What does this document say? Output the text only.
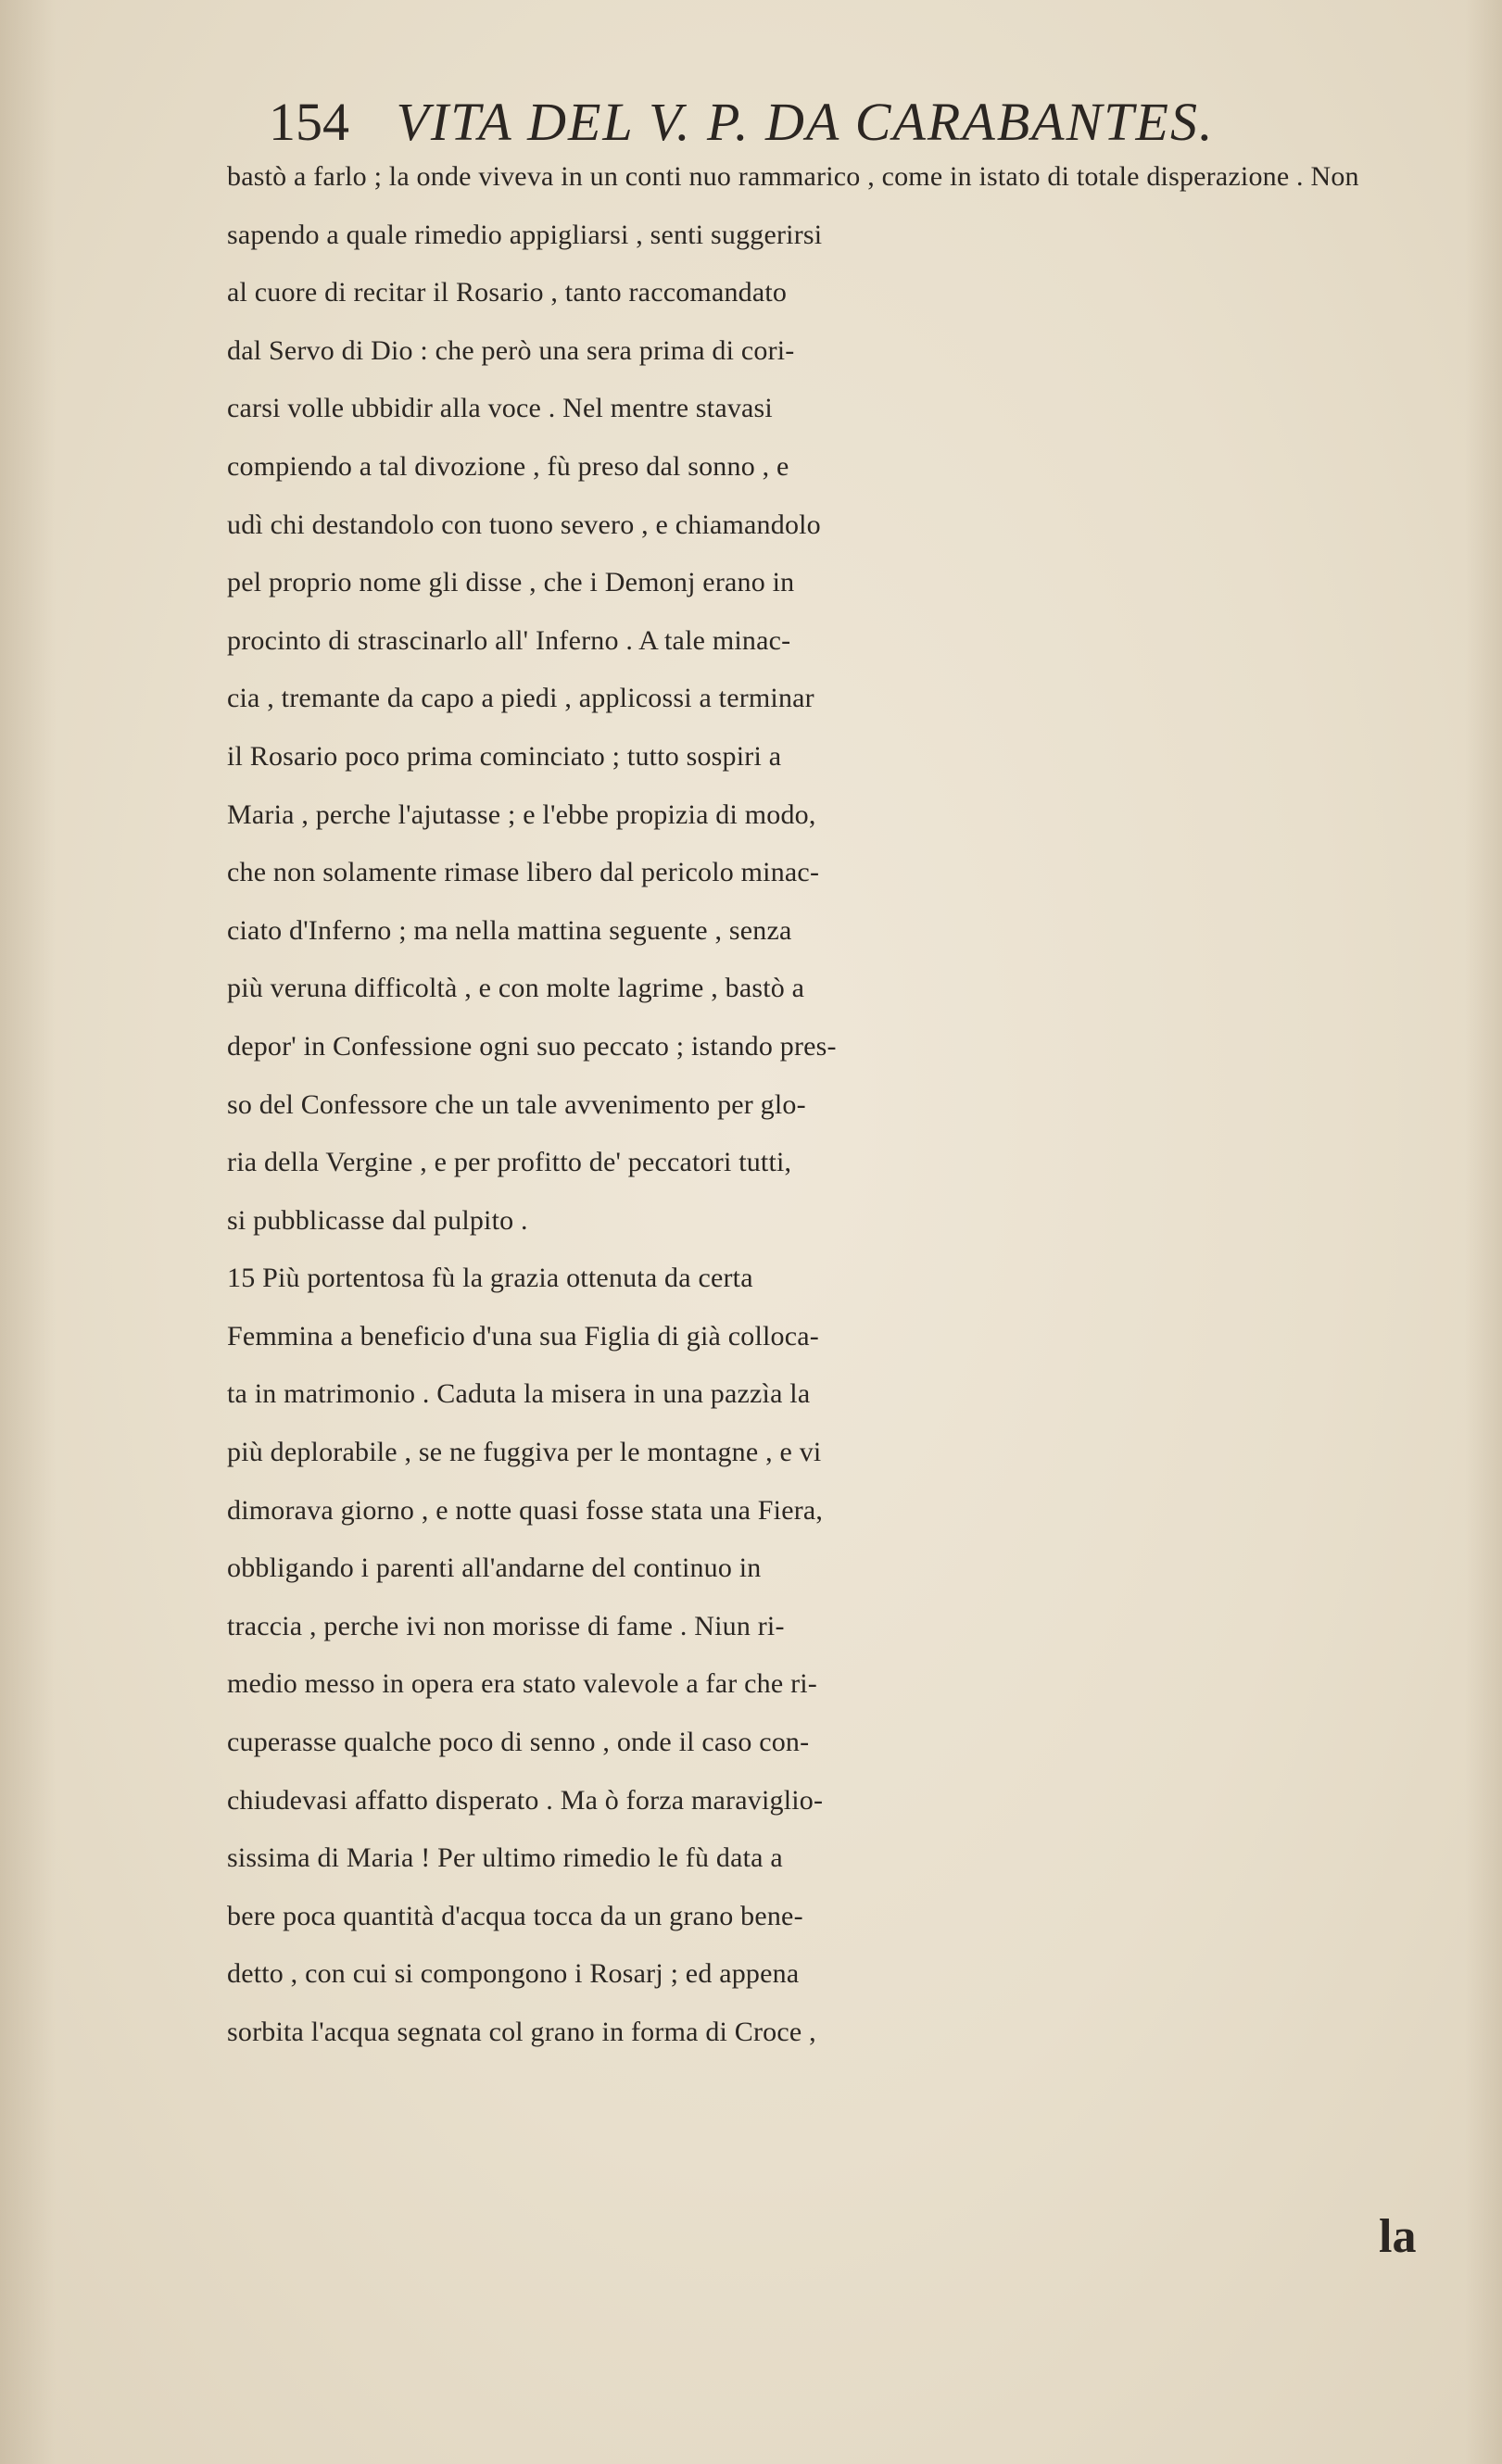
154 VITA DEL V. P. DA CARABANTES.
bastò a farlo ; la onde viveva in un conti nuo rammarico , come in istato di totale disperazione . Non
sapendo a quale rimedio appigliarsi , senti suggerirsi
al cuore di recitar il Rosario , tanto raccomandato
dal Servo di Dio : che però una sera prima di cori-
carsi volle ubbidir alla voce . Nel mentre stavasi
compiendo a tal divozione , fù preso dal sonno , e
udì chi destandolo con tuono severo , e chiamandolo
pel proprio nome gli disse , che i Demonj erano in
procinto di strascinarlo all' Inferno . A tale minac-
cia , tremante da capo a piedi , applicossi a terminar
il Rosario poco prima cominciato ; tutto sospiri a
Maria , perche l'ajutasse ; e l'ebbe propizia di modo,
che non solamente rimase libero dal pericolo minac-
ciato d'Inferno ; ma nella mattina seguente , senza
più veruna difficoltà , e con molte lagrime , bastò a
depor' in Confessione ogni suo peccato ; istando pres-
so del Confessore che un tale avvenimento per glo-
ria della Vergine , e per profitto de' peccatori tutti,
si pubblicasse dal pulpito .
15 Più portentosa fù la grazia ottenuta da certa
Femmina a beneficio d'una sua Figlia di già colloca-
ta in matrimonio . Caduta la misera in una pazzìa la
più deplorabile , se ne fuggiva per le montagne , e vi
dimorava giorno , e notte quasi fosse stata una Fiera,
obbligando i parenti all'andarne del continuo in
traccia , perche ivi non morisse di fame . Niun ri-
medio messo in opera era stato valevole a far che ri-
cuperasse qualche poco di senno , onde il caso con-
chiudevasi affatto disperato . Ma ò forza maraviglio-
sissima di Maria ! Per ultimo rimedio le fù data a
bere poca quantità d'acqua tocca da un grano bene-
detto , con cui si compongono i Rosarj ; ed appena
sorbita l'acqua segnata col grano in forma di Croce ,
la
